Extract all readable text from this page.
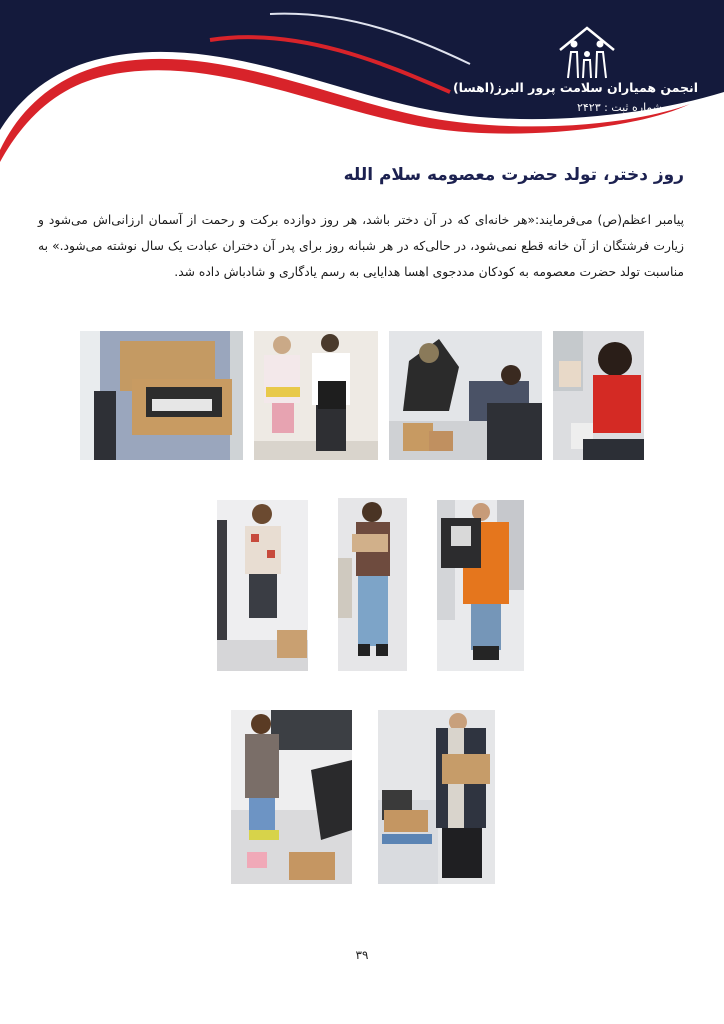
انجمن همیاران سلامت پرور البرز(اهسا)
شماره ثبت : ۲۴۲۳
روز دختر، تولد حضرت معصومه سلام الله

پیامبر اعظم(ص) می‌فرمایند:«هر خانه‌ای که در آن دختر باشد، هر روز دوازده برکت و رحمت از آسمان ارزانی‌اش می‌شود و زیارت فرشتگان از آن خانه قطع نمی‌شود، در حالی‌که در هر شبانه روز برای پدر آن دختران عبادت یک سال نوشته می‌شود.» به مناسبت تولد حضرت معصومه به کودکان مددجوی اهسا هدایایی به رسم یادگاری و شادباش داده شد.

۳۹
